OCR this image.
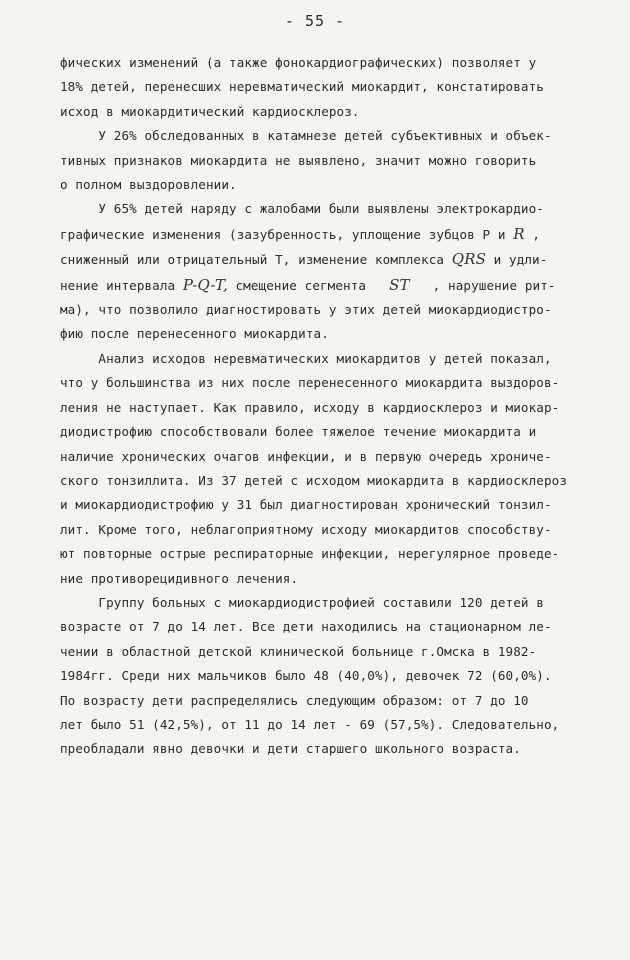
- 55 -
фических изменений (а также фонокардиографических) позволяет у
18% детей, перенесших неревматический миокардит, констатировать
исход в миокардитический кардиосклероз.
У 26% обследованных в катамнезе детей субъективных и объек-
тивных признаков миокардита не выявлено, значит можно говорить
о полном выздоровлении.
У 65% детей наряду с жалобами были выявлены электрокардио-
графические изменения (зазубренность, уплощение зубцов Р и R ,
сниженный или отрицательный Т, изменение комплекса QRS и удли-
нение интервала P-Q-T, смещение сегмента   ST   , нарушение рит-
ма), что позволило диагностировать у этих детей миокардиодистро-
фию после перенесенного миокардита.
Анализ исходов неревматических миокардитов у детей показал,
что у большинства из них после перенесенного миокардита выздоров-
ления не наступает. Как правило, исходу в кардиосклероз и миокар-
диодистрофию способствовали более тяжелое течение миокардита и
наличие хронических очагов инфекции, и в первую очередь хрониче-
ского тонзиллита. Из 37 детей с исходом миокардита в кардиосклероз
и миокардиодистрофию у 31 был диагностирован хронический тонзил-
лит. Кроме того, неблагоприятному исходу миокардитов способству-
ют повторные острые респираторные инфекции, нерегулярное проведе-
ние противорецидивного лечения.
Группу больных с миокардиодистрофией составили 120 детей в
возрасте от 7 до 14 лет. Все дети находились на стационарном ле-
чении в областной детской клинической больнице г.Омска в 1982-
1984гг. Среди них мальчиков было 48 (40,0%), девочек 72 (60,0%).
По возрасту дети распределялись следующим образом: от 7 до 10
лет было 51 (42,5%), от 11 до 14 лет - 69 (57,5%). Следовательно,
преобладали явно девочки и дети старшего школьного возраста.
